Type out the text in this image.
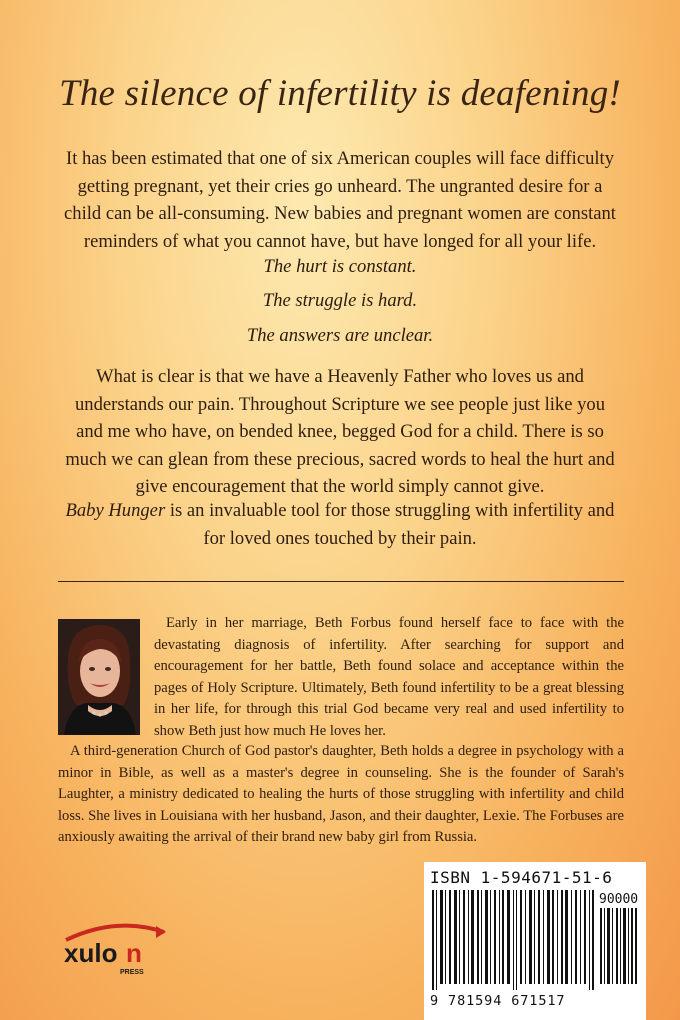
The silence of infertility is deafening!
It has been estimated that one of six American couples will face difficulty getting pregnant, yet their cries go unheard. The ungranted desire for a child can be all-consuming. New babies and pregnant women are constant reminders of what you cannot have, but have longed for all your life.
The hurt is constant.
The struggle is hard.
The answers are unclear.
What is clear is that we have a Heavenly Father who loves us and understands our pain. Throughout Scripture we see people just like you and me who have, on bended knee, begged God for a child. There is so much we can glean from these precious, sacred words to heal the hurt and give encouragement that the world simply cannot give.
Baby Hunger is an invaluable tool for those struggling with infertility and for loved ones touched by their pain.
Early in her marriage, Beth Forbus found herself face to face with the devastating diagnosis of infertility. After searching for support and encouragement for her battle, Beth found solace and acceptance within the pages of Holy Scripture. Ultimately, Beth found infertility to be a great blessing in her life, for through this trial God became very real and used infertility to show Beth just how much He loves her.
A third-generation Church of God pastor's daughter, Beth holds a degree in psychology with a minor in Bible, as well as a master's degree in counseling. She is the founder of Sarah's Laughter, a ministry dedicated to healing the hurts of those struggling with infertility and child loss. She lives in Louisiana with her husband, Jason, and their daughter, Lexie. The Forbuses are anxiously awaiting the arrival of their brand new baby girl from Russia.
xulo n
PRESS
ISBN 1-594671-51-6
90000
9 781594 671517
